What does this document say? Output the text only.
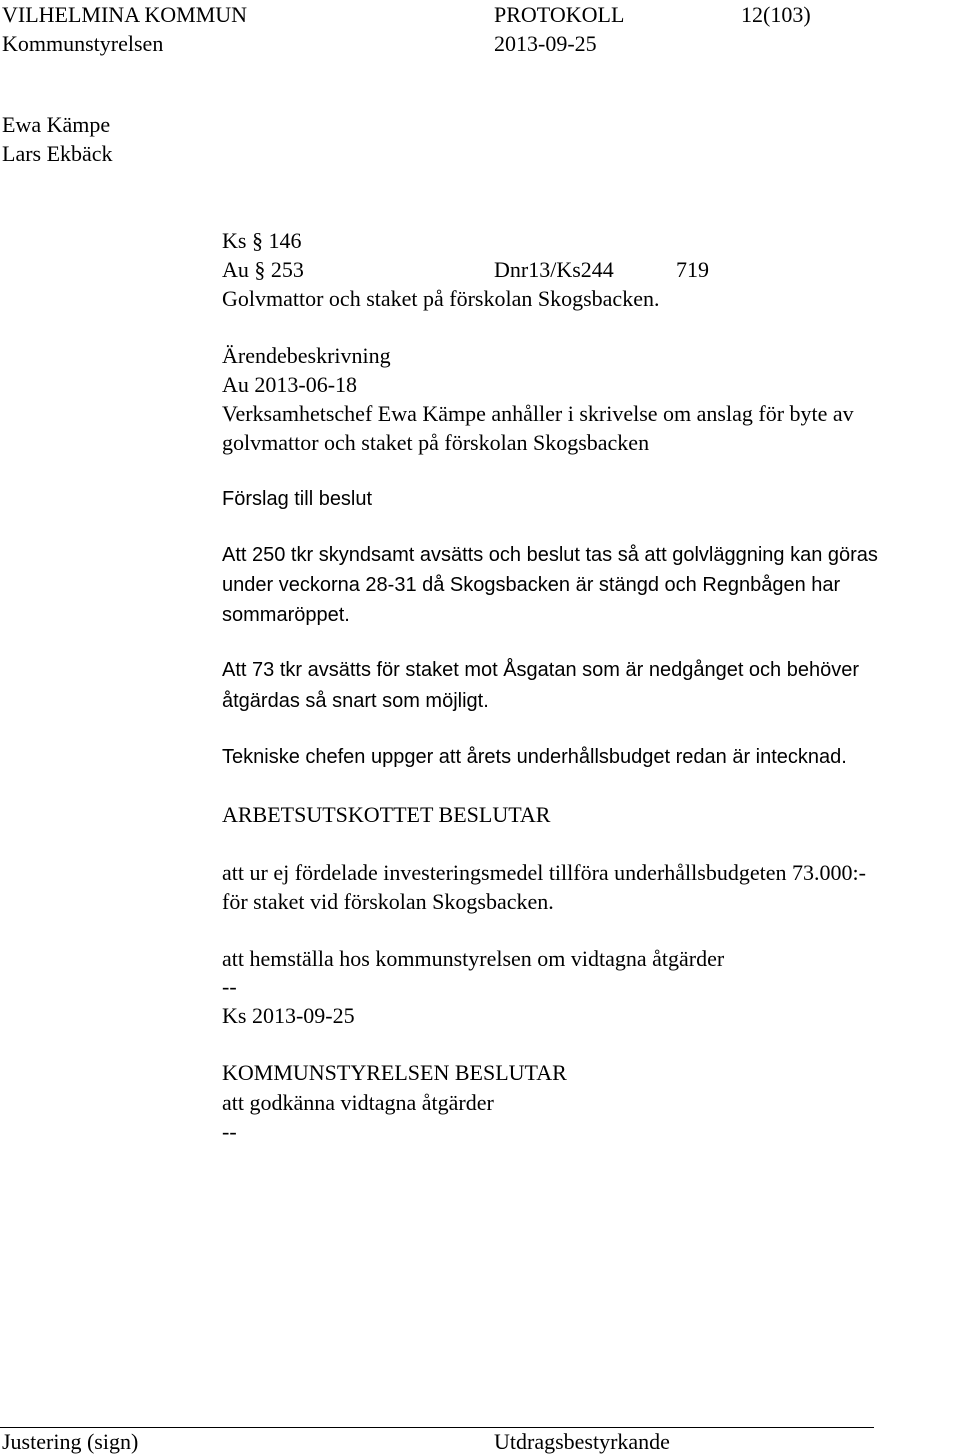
VILHELMINA KOMMUN	PROTOKOLL	12(103)
Kommunstyrelsen	2013-09-25
Ewa Kämpe
Lars Ekbäck
Ks § 146
Au § 253	Dnr13/Ks244	719
Golvmattor och staket på förskolan Skogsbacken.
Ärendebeskrivning
Au 2013-06-18
Verksamhetschef Ewa Kämpe anhåller i skrivelse om anslag för byte av
golvmattor och staket på förskolan Skogsbacken
Förslag till beslut
Att 250 tkr skyndsamt avsätts och beslut tas så att golvläggning kan göras
under veckorna 28-31 då Skogsbacken är stängd och Regnbågen har
sommaröppet.
Att 73 tkr avsätts för staket mot Åsgatan som är nedgånget och behöver
åtgärdas så snart som möjligt.
Tekniske chefen uppger att årets underhållsbudget redan är intecknad.
ARBETSUTSKOTTET BESLUTAR
att ur ej fördelade investeringsmedel tillföra underhållsbudgeten 73.000:-
för staket vid förskolan Skogsbacken.
att hemställa hos kommunstyrelsen om vidtagna åtgärder
--
Ks 2013-09-25
KOMMUNSTYRELSEN BESLUTAR
att godkänna vidtagna åtgärder
--
Justering (sign)	Utdragsbestyrkande
